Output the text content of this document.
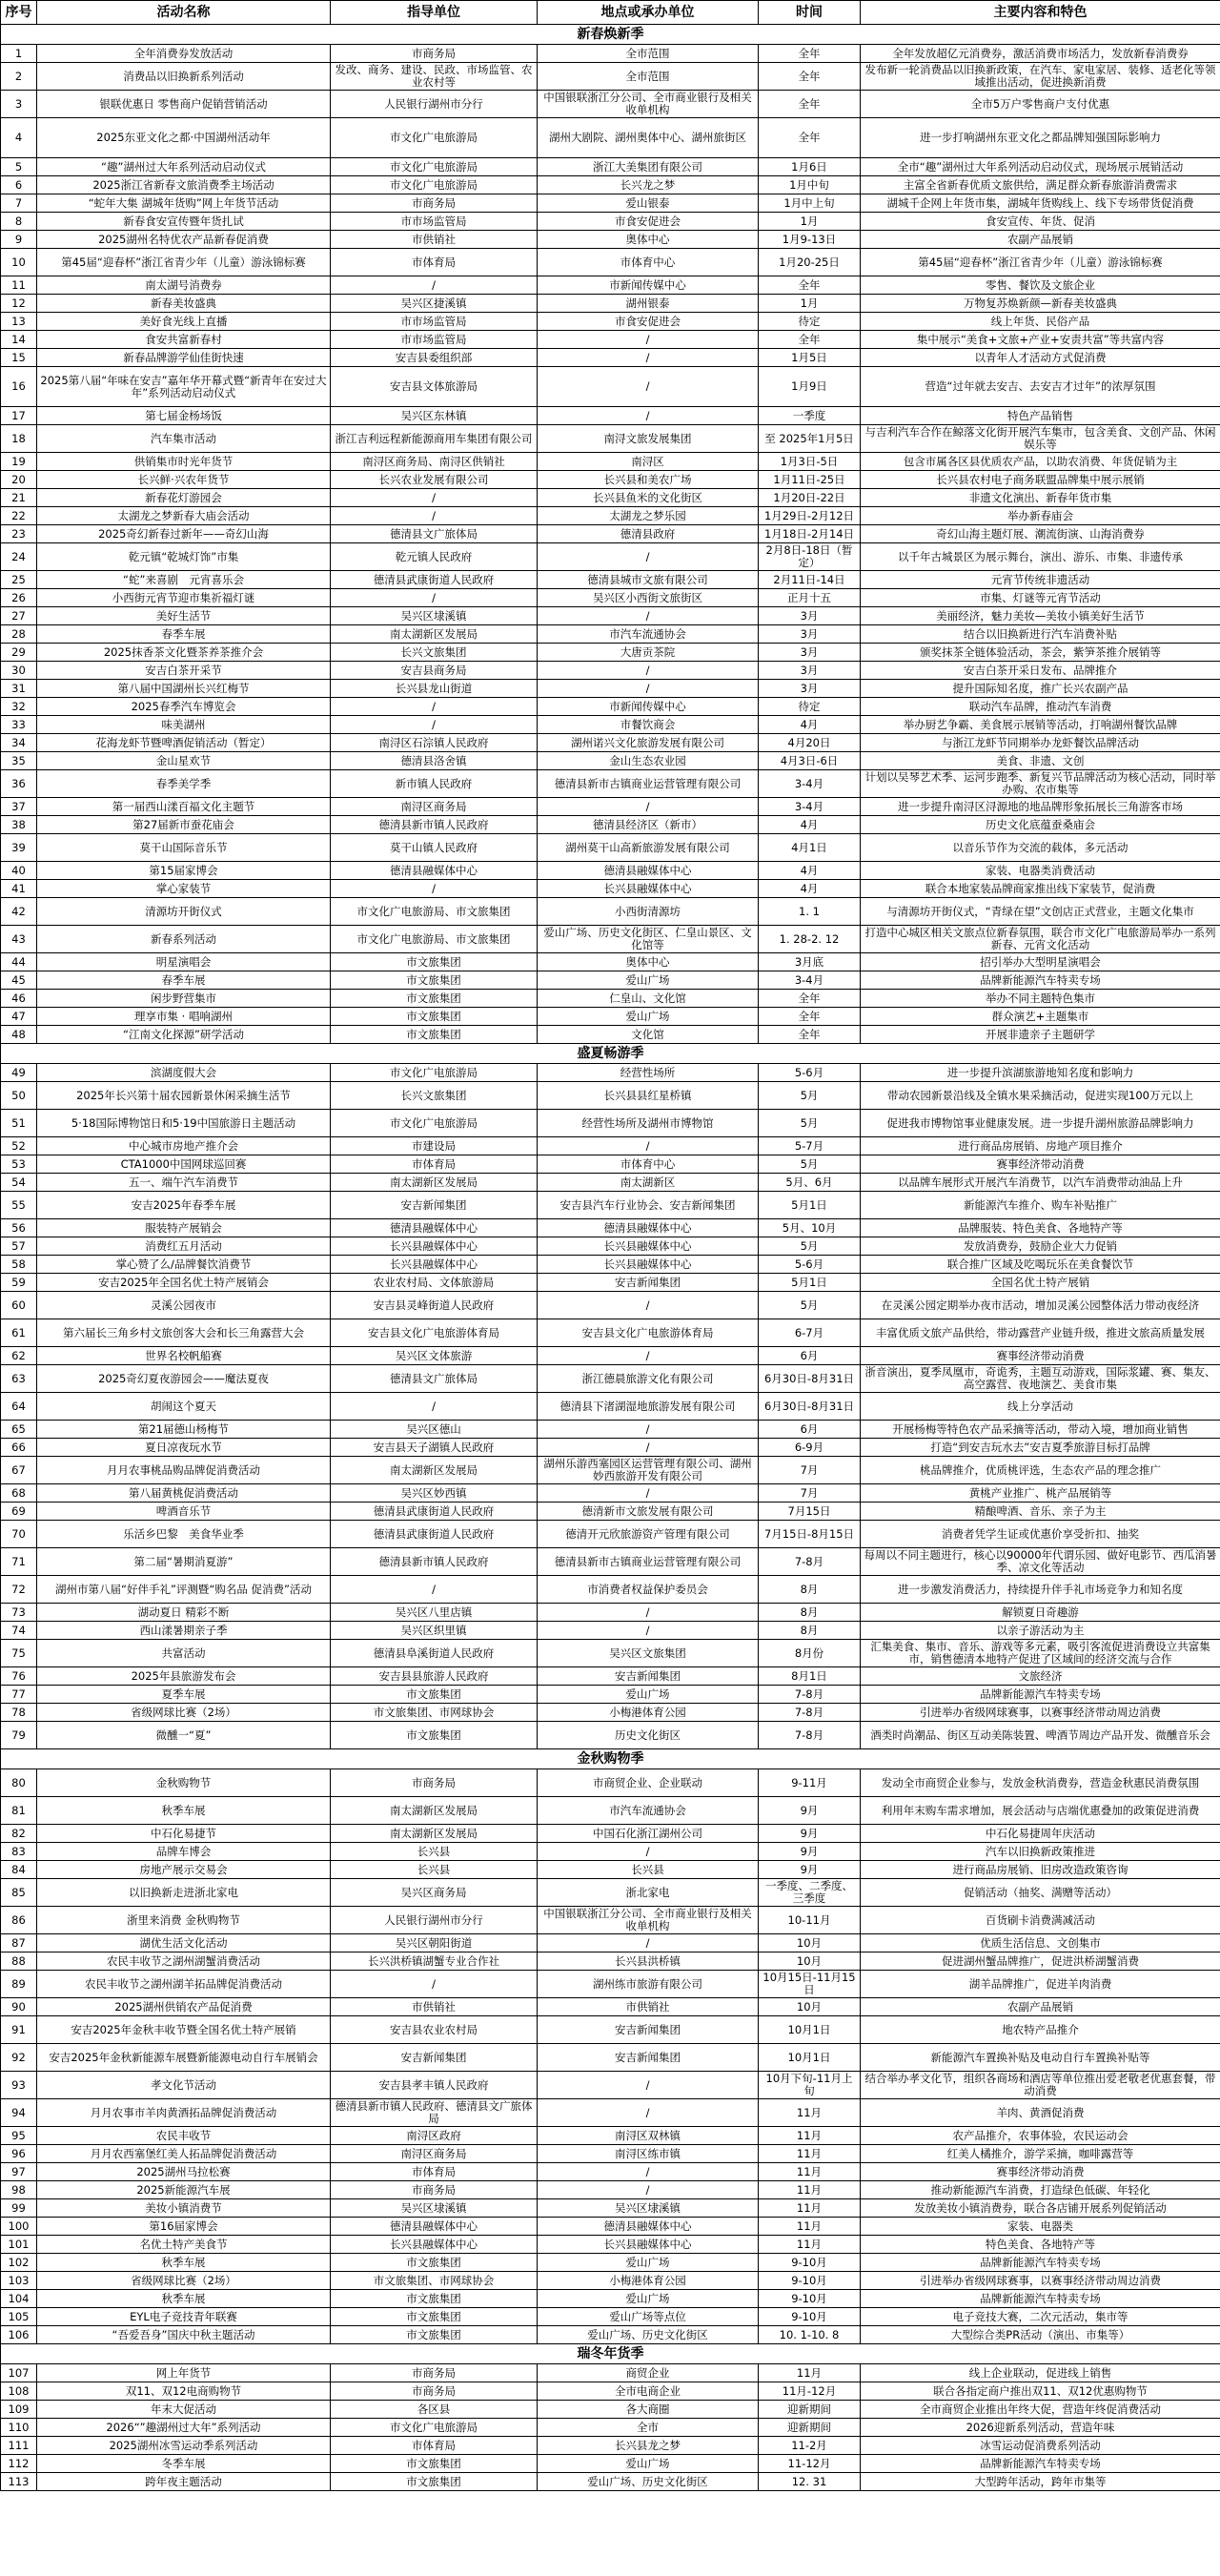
序号	活动名称	指导单位	地点或承办单位	时间	主要内容和特色
新春焕新季					
1	全年消费券发放活动	市商务局	全市范围	全年	全年发放超亿元消费券，激活消费市场活力，发放新春消费券
2	消费品以旧换新系列活动	发改、商务、建设、民政、市场监管、农业农村等	全市范围	全年	发布新一轮消费品以旧换新政策，在汽车、家电家居、装修、适老化等领域推出活动，促进换新消费
3	银联优惠日 零售商户促销营销活动	人民银行湖州市分行	中国银联浙江分公司、全市商业银行及相关收单机构	全年	全市5万户零售商户支付优惠
4	2025东亚文化之都·中国湖州活动年	市文化广电旅游局	湖州大剧院、湖州奥体中心、湖州旅街区	全年	进一步打响湖州东亚文化之都品牌知强国际影响力
5	“趣”湖州过大年系列活动启动仪式	市文化广电旅游局	浙江大美集团有限公司	1月6日	全市“趣”湖州过大年系列活动启动仪式，现场展示展销活动
6	2025浙江省新春文旅消费季主场活动	市文化广电旅游局	长兴龙之梦	1月中旬	主富全省新春优质文旅供给，满足群众新春旅游消费需求
7	“蛇年大集 湖城年货购”网上年货节活动	市商务局	爱山银泰	1月中上旬	湖城千企网上年货市集，湖城年货购线上、线下专场带货促消费
8	新春食安宣传暨年货扎试	市市场监管局	市食安促进会	1月	食安宣传、年货、促消
9	2025湖州名特优农产品新春促消费	市供销社	奥体中心	1月9-13日	农副产品展销
10	第45届“迎春杯”浙江省青少年（儿童）游泳锦标赛	市体育局	市体育中心	1月20-25日	第45届“迎春杯”浙江省青少年（儿童）游泳锦标赛
11	南太湖号消费券	/	市新闻传媒中心	全年	零售、餐饮及文旅企业
12	新春美妆盛典	吴兴区捷溪镇	湖州银泰	1月	万物复苏焕新颜—新春美妆盛典
13	美好食光线上直播	市市场监管局	市食安促进会	待定	线上年货、民俗产品
14	食安共富新春村	市市场监管局	/	全年	集中展示“美食+文旅+产业+安责共富”等共富内容
15	新春品牌游学仙佳街快速	安吉县委组织部	/	1月5日	以青年人才活动方式促消费
16	2025第八届“年味在安吉”嘉年华开幕式暨“新青年在安过大年”系列活动启动仪式	安吉县文体旅游局	/	1月9日	营造“过年就去安吉、去安吉才过年”的浓厚氛围
17	第七届金杨场饭	吴兴区东林镇	/	一季度	特色产品销售
18	汽车集市活动	浙江吉利远程新能源商用车集团有限公司	南浔文旅发展集团	至 2025年1月5日	与吉利汽车合作在鲸落文化街开展汽车集市，包含美食、文创产品、休闲娱乐等
19	供销集市时光年货节	南浔区商务局、南浔区供销社	南浔区	1月3日-5日	包含市属各区县优质农产品，以助农消费、年货促销为主
20	长兴鲜·兴农年货节	长兴农业发展有限公司	长兴县和美农广场	1月11日-25日	长兴县农村电子商务联盟品牌集中展示展销
21	新春花灯游园会	/	长兴县鱼米的文化街区	1月20日-22日	非遗文化演出、新春年货市集
22	太湖龙之梦新春大庙会活动	/	太湖龙之梦乐园	1月29日-2月12日	举办新春庙会
23	2025奇幻新春过新年——奇幻山海	德清县文广旅体局	德清县政府	1月18日-2月14日	奇幻山海主题灯展、潮流街演、山海消费券
24	乾元镇“乾城灯饰”市集	乾元镇人民政府	/	2月8日-18日（暂定）	以千年古城景区为展示舞台，演出、游乐、市集、非遗传承
25	“蛇”来喜剧　元宵喜乐会	德清县武康街道人民政府	德清县城市文旅有限公司	2月11日-14日	元宵节传统非遗活动
26	小西街元宵节迎市集祈福灯谜	/	吴兴区小西街文旅街区	正月十五	市集、灯谜等元宵节活动
27	美好生活节	吴兴区埭溪镇	/	3月	美丽经济，魅力美妆—美妆小镇美好生活节
28	春季车展	南太湖新区发展局	市汽车流通协会	3月	结合以旧换新进行汽车消费补贴
29	2025抹香茶文化暨茶养茶推介会	长兴文旅集团	大唐贡茶院	3月	颁奖抹茶全链体验活动，茶会，紫笋茶推介展销等
30	安吉白茶开采节	安吉县商务局	/	3月	安吉白茶开采日发布、品牌推介
31	第八届中国湖州长兴红梅节	长兴县龙山街道	/	3月	提升国际知名度，推广长兴农副产品
32	2025春季汽车博览会	/	市新闻传媒中心	待定	联动汽车品牌，推动汽车消费
33	味美湖州	/	市餐饮商会	4月	举办厨艺争霸、美食展示展销等活动，打响湖州餐饮品牌
34	花海龙虾节暨啤酒促销活动（暂定）	南浔区石淙镇人民政府	湖州诺兴文化旅游发展有限公司	4月20日	与浙江龙虾节同期举办龙虾餐饮品牌活动
35	金山星欢节	德清县洛舍镇	金山生态农业园	4月3日-6日	美食、非遗、文创
36	春季美学季	新市镇人民政府	德清县新市古镇商业运营管理有限公司	3-4月	计划以吴琴艺术季、运河步跑季、新复兴节品牌活动为核心活动，同时举办购、农市集等
37	第一届西山漾百福文化主题节	南浔区商务局	/	3-4月	进一步提升南浔区浔源地的地品牌形象拓展长三角游客市场
38	第27届新市蚕花庙会	德清县新市镇人民政府	德清县经济区（新市）	4月	历史文化底蕴蚕桑庙会
39	莫干山国际音乐节	莫干山镇人民政府	湖州莫干山高新旅游发展有限公司	4月1日	以音乐节作为交流的载体，多元活动
40	第15届家博会	德清县融媒体中心	德清县融媒体中心	4月	家装、电器类消费活动
41	掌心家装节	/	长兴县融媒体中心	4月	联合本地家装品牌商家推出线下家装节，促消费
42	清源坊开街仪式	市文化广电旅游局、市文旅集团	小西街清源坊	1. 1	与清源坊开街仪式，“青绿在望”文创店正式营业，主题文化集市
43	新春系列活动	市文化广电旅游局、市文旅集团	爱山广场、历史文化街区、仁皇山景区、文化馆等	1. 28-2. 12	打造中心城区相关文旅点位新春氛围，联合市文化广电旅游局举办一系列新春、元宵文化活动
44	明星演唱会	市文旅集团	奥体中心	3月底	招引举办大型明星演唱会
45	春季车展	市文旅集团	爱山广场	3-4月	品牌新能源汽车特卖专场
46	闲步野营集市	市文旅集团	仁皇山、文化馆	全年	举办不同主题特色集市
47	理享市集 · 唱响湖州	市文旅集团	爱山广场	全年	群众演艺+主题集市
48	“江南文化探源”研学活动	市文旅集团	文化馆	全年	开展非遗亲子主题研学
盛夏畅游季					
49	滨湖度假大会	市文化广电旅游局	经营性场所	5-6月	进一步提升滨湖旅游地知名度和影响力
50	2025年长兴第十届农园新景休闲采摘生活节	长兴文旅集团	长兴县县红星桥镇	5月	带动农园新景沿线及全镇水果采摘活动，促进实现100万元以上
51	5·18国际博物馆日和5·19中国旅游日主题活动	市文化广电旅游局	经营性场所及湖州市博物馆	5月	促进我市博物馆事业健康发展。进一步提升湖州旅游品牌影响力
52	中心城市房地产推介会	市建设局	/	5-7月	进行商品房展销、房地产项目推介
53	CTA1000中国网球巡回赛	市体育局	市体育中心	5月	赛事经济带动消费
54	五一、端午汽车消费节	南太湖新区发展局	南太湖新区	5月、6月	以品牌车展形式开展汽车消费节，以汽车消费带动油品上升
55	安吉2025年春季车展	安吉新闻集团	安吉县汽车行业协会、安吉新闻集团	5月1日	新能源汽车推介、购车补贴推广
56	服装特产展销会	德清县融媒体中心	德清县融媒体中心	5月、10月	品牌服装、特色美食、各地特产等
57	消费红五月活动	长兴县融媒体中心	长兴县融媒体中心	5月	发放消费券，鼓励企业大力促销
58	掌心赞了么/品牌餐饮消费节	长兴县融媒体中心	长兴县融媒体中心	5-6月	联合推广区域及吃喝玩乐在美食餐饮节
59	安吉2025年全国名优土特产展销会	农业农村局、文体旅游局	安吉新闻集团	5月1日	全国名优土特产展销
60	灵溪公园夜市	安吉县灵峰街道人民政府	/	5月	在灵溪公园定期举办夜市活动，增加灵溪公园整体活力带动夜经济
61	第六届长三角乡村文旅创客大会和长三角露营大会	安吉县文化广电旅游体育局	安吉县文化广电旅游体育局	6-7月	丰富优质文旅产品供给，带动露营产业链升级，推进文旅高质量发展
62	世界名校帆船赛	吴兴区文体旅游	/	6月	赛事经济带动消费
63	2025奇幻夏夜游园会——魔法夏夜	德清县文广旅体局	浙江德晨旅游文化有限公司	6月30日-8月31日	浙音演出，夏季凤凰市，奇诡秀，主题互动游戏，国际浆罐、赛、集友、高空露营、夜地演艺、美食市集
64	胡闹这个夏天	/	德清县下渚湖湿地旅游发展有限公司	6月30日-8月31日	线上分享活动
65	第21届德山杨梅节	吴兴区德山	/	6月	开展杨梅等特色农产品采摘等活动，带动入境，增加商业销售
66	夏日凉夜玩水节	安吉县天子湖镇人民政府	/	6-9月	打造“到安吉玩水去”安吉夏季旅游目标打品牌
67	月月农事桃品购品牌促消费活动	南太湖新区发展局	湖州乐游西塞园区运营管理有限公司、湖州妙西旅游开发有限公司	7月	桃品牌推介，优质桃评选，生态农产品的理念推广
68	第八届黄桃促消费活动	吴兴区妙西镇	/	7月	黄桃产业推广、桃产品展销等
69	啤酒音乐节	德清县武康街道人民政府	德清新市文旅发展有限公司	7月15日	精酿啤酒、音乐、亲子为主
70	乐活乡巴黎　美食华业季	德清县武康街道人民政府	德清开元欣旅游资产管理有限公司	7月15日-8月15日	消费者凭学生证或优惠价享受折扣、抽奖
71	第二届“暑期消夏游”	德清县新市镇人民政府	德清县新市古镇商业运营管理有限公司	7-8月	每周以不同主题进行，核心以90000年代谓乐园、做好电影节、西瓜消暑季、凉文化等活动
72	湖州市第八届“好伴手礼”评测暨“购名品 促消费”活动	/	市消费者权益保护委员会	8月	进一步激发消费活力，持续提升伴手礼市场竞争力和知名度
73	湖动夏日 精彩不断	吴兴区八里店镇	/	8月	解锁夏日奇趣游
74	西山漾暑期亲子季	吴兴区织里镇	/	8月	以亲子游活动为主
75	共富活动	德清县阜溪街道人民政府	吴兴区文旅集团	8月份	汇集美食、集市、音乐、游戏等多元素，吸引客流促进消费设立共富集市，销售德清本地特产促进了区域间的经济交流与合作
76	2025年县旅游发布会	安吉县县旅游人民政府	安吉新闻集团	8月1日	文旅经济
77	夏季车展	市文旅集团	爱山广场	7-8月	品牌新能源汽车特卖专场
78	省级网球比赛（2场）	市文旅集团、市网球协会	小梅港体育公园	7-8月	引进举办省级网球赛事，以赛事经济带动周边消费
79	微醺一“夏”	市文旅集团	历史文化街区	7-8月	酒类时尚潮品、街区互动美陈装置、啤酒节周边产品开发、微醺音乐会
金秋购物季					
80	金秋购物节	市商务局	市商贸企业、企业联动	9-11月	发动全市商贸企业参与，发放金秋消费券，营造金秋惠民消费氛围
81	秋季车展	南太湖新区发展局	市汽车流通协会	9月	利用年末购车需求增加，展会活动与店端优惠叠加的政策促进消费
82	中石化易捷节	南太湖新区发展局	中国石化浙江湖州公司	9月	中石化易捷周年庆活动
83	品牌车博会	长兴县	/	9月	汽车以旧换新政策推进
84	房地产展示交易会	长兴县	长兴县	9月	进行商品房展销、旧房改造政策咨询
85	以旧换新走进浙北家电	吴兴区商务局	浙北家电	一季度、二季度、三季度	促销活动（抽奖、满赠等活动）
86	浙里来消费 金秋购物节	人民银行湖州市分行	中国银联浙江分公司、全市商业银行及相关收单机构	10-11月	百货刷卡消费满减活动
87	湖优生活文化活动	吴兴区朝阳街道	/	10月	优质生活信息、文创集市
88	农民丰收节之湖州湖蟹消费活动	长兴洪桥镇湖蟹专业合作社	长兴县洪桥镇	10月	促进湖州蟹品牌推广，促进洪桥湖蟹消费
89	农民丰收节之湖州湖羊拓品牌促消费活动	/	湖州练市旅游有限公司	10月15日-11月15日	湖羊品牌推广，促进羊肉消费
90	2025湖州供销农产品促消费	市供销社	市供销社	10月	农副产品展销
91	安吉2025年金秋丰收节暨全国名优土特产展销	安吉县农业农村局	安吉新闻集团	10月1日	地农特产品推介
92	安吉2025年金秋新能源车展暨新能源电动自行车展销会	安吉新闻集团	安吉新闻集团	10月1日	新能源汽车置换补贴及电动自行车置换补贴等
93	孝文化节活动	安吉县孝丰镇人民政府	/	10月下旬-11月上旬	结合举办孝文化节，组织各商场和酒店等单位推出爱老敬老优惠套餐，带动消费
94	月月农事市羊肉黄酒拓品牌促消费活动	德清县新市镇人民政府、德清县文广旅体局	/	11月	羊肉、黄酒促消费
95	农民丰收节	南浔区政府	南浔区双林镇	11月	农产品推介，农事体验，农民运动会
96	月月农西塞堡红美人拓品牌促消费活动	南浔区商务局	南浔区练市镇	11月	红美人橘推介，游学采摘，咖啡露营等
97	2025湖州马拉松赛	市体育局	/	11月	赛事经济带动消费
98	2025新能源汽车展	市商务局	/	11月	推动新能源汽车消费，打造绿色低碳、年轻化
99	美妆小镇消费节	吴兴区埭溪镇	吴兴区埭溪镇	11月	发放美妆小镇消费券，联合各店铺开展系列促销活动
100	第16届家博会	德清县融媒体中心	德清县融媒体中心	11月	家装、电器类
101	名优土特产美食节	长兴县融媒体中心	长兴县融媒体中心	11月	特色美食、各地特产等
102	秋季车展	市文旅集团	爱山广场	9-10月	品牌新能源汽车特卖专场
103	省级网球比赛（2场）	市文旅集团、市网球协会	小梅港体育公园	9-10月	引进举办省级网球赛事，以赛事经济带动周边消费
104	秋季车展	市文旅集团	爱山广场	9-10月	品牌新能源汽车特卖专场
105	EYL电子竞技青年联赛	市文旅集团	爱山广场等点位	9-10月	电子竞技大赛，二次元活动，集市等
106	“吾爱吾身”国庆中秋主题活动	市文旅集团	爱山广场、历史文化街区	10. 1-10. 8	大型综合类PR活动（演出、市集等）
瑞冬年货季					
107	网上年货节	市商务局	商贸企业	11月	线上企业联动，促进线上销售
108	双11、双12电商购物节	市商务局	全市电商企业	11月-12月	联合各指定商户推出双11、双12优惠购物节
109	年末大促活动	各区县	各大商圈	迎新期间	全市商贸企业推出年终大促，营造年终促消费活动
110	2026“”趣湖州过大年”系列活动	市文化广电旅游局	全市	迎新期间	2026迎新系列活动，营造年味
111	2025湖州冰雪运动季系列活动	市体育局	长兴县龙之梦	11-2月	冰雪运动促消费系列活动
112	冬季车展	市文旅集团	爱山广场	11-12月	品牌新能源汽车特卖专场
113	跨年夜主题活动	市文旅集团	爱山广场、历史文化街区	12. 31	大型跨年活动，跨年市集等
